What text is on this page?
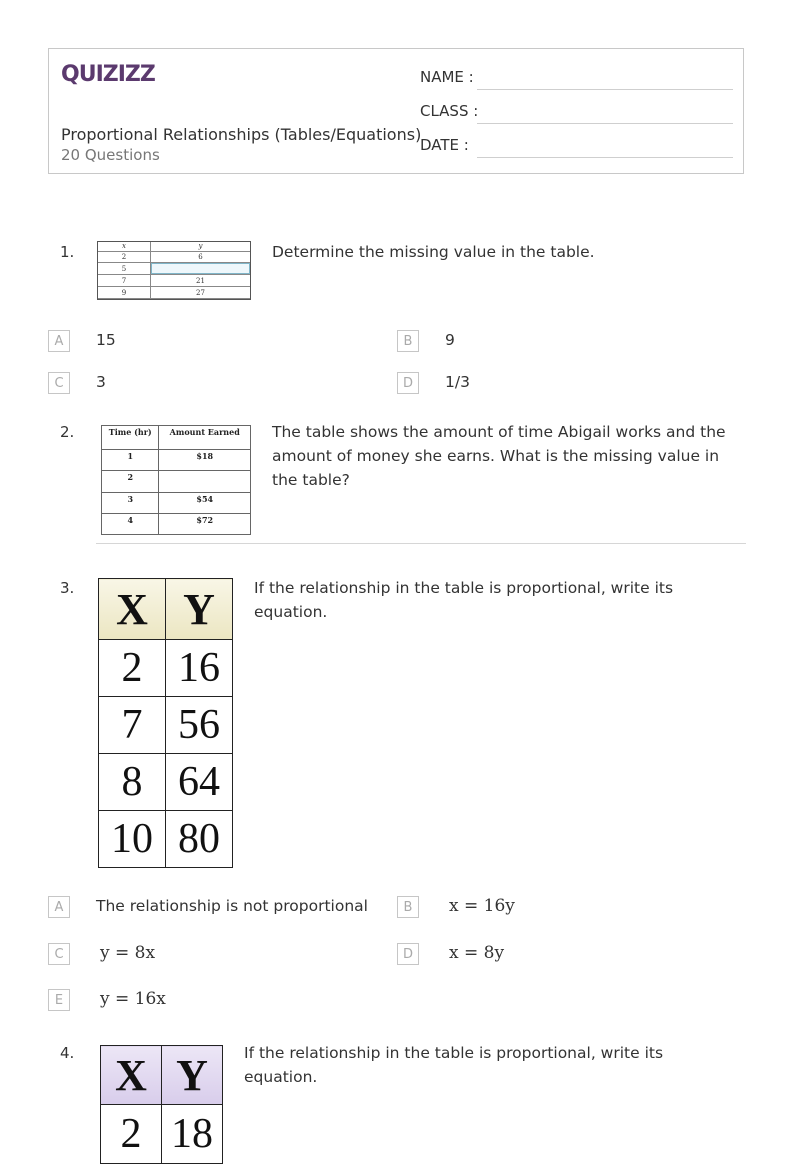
QUIZIZZ
Proportional Relationships (Tables/Equations)
20 Questions
NAME :
CLASS :
DATE :
1.	x	y
2	6
5	
7	21
9	27
Determine the missing value in the table.
A	15	B	9
C	3	D	1/3
2.	Time (hr)	Amount Earned
1	$18
2	
3	$54
4	$72
The table shows the amount of time Abigail works and the amount of money she earns. What is the missing value in the table?
3. X	Y
2	16
7	56
8	64
10	80
If the relationship in the table is proportional, write its equation.
A	The relationship is not proportional	B	x = 16y
C	y = 8x	D	x = 8y
E	y = 16x
4. X	Y
2	18
If the relationship in the table is proportional, write its equation.
